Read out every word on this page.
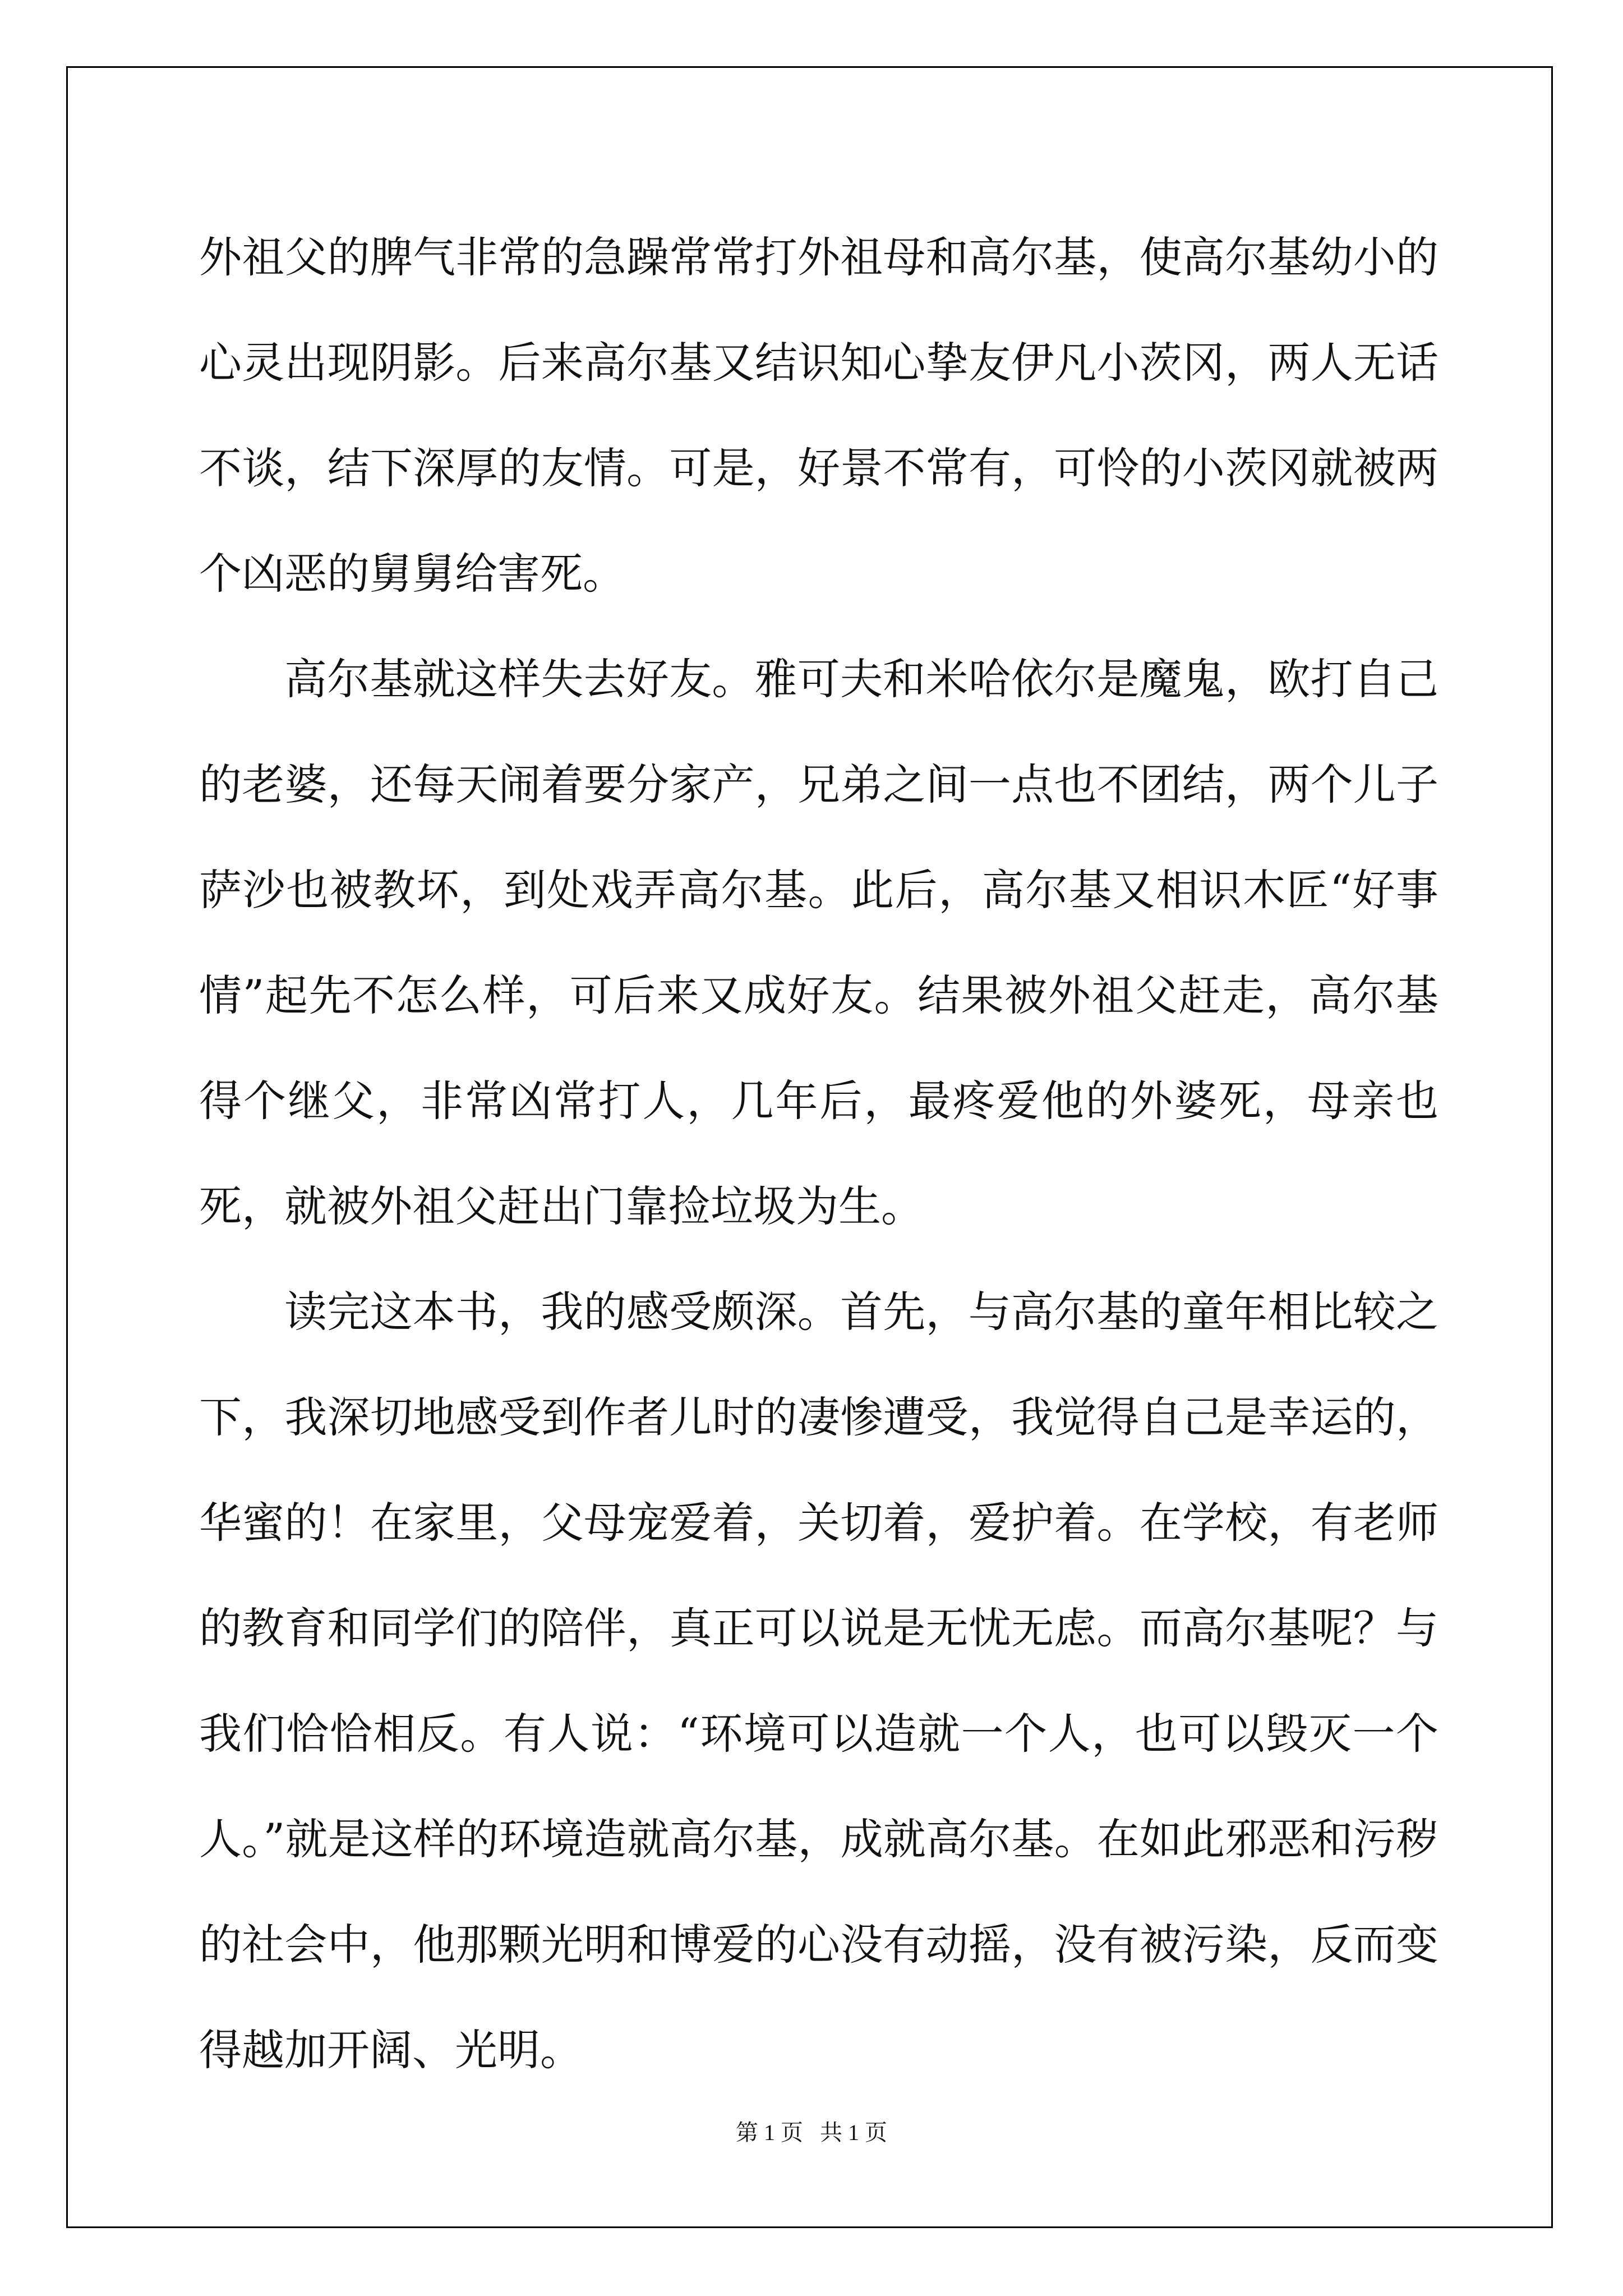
外祖父的脾气非常的急躁常常打外祖母和高尔基，使高尔基幼小的心灵出现阴影。后来高尔基又结识知心挚友伊凡小茨冈，两人无话不谈，结下深厚的友情。可是，好景不常有，可怜的小茨冈就被两个凶恶的舅舅给害死。

高尔基就这样失去好友。雅可夫和米哈依尔是魔鬼，欧打自己的老婆，还每天闹着要分家产，兄弟之间一点也不团结，两个儿子萨沙也被教坏，到处戏弄高尔基。此后，高尔基又相识木匠“好事情”起先不怎么样，可后来又成好友。结果被外祖父赶走，高尔基得个继父，非常凶常打人，几年后，最疼爱他的外婆死，母亲也死，就被外祖父赶出门靠捡垃圾为生。

读完这本书，我的感受颇深。首先，与高尔基的童年相比较之下，我深切地感受到作者儿时的凄惨遭受，我觉得自己是幸运的，华蜜的！在家里，父母宠爱着，关切着，爱护着。在学校，有老师的教育和同学们的陪伴，真正可以说是无忧无虑。而高尔基呢？与我们恰恰相反。有人说：“环境可以造就一个人，也可以毁灭一个人。”就是这样的环境造就高尔基，成就高尔基。在如此邪恶和污秽的社会中，他那颗光明和博爱的心没有动摇，没有被污染，反而变得越加开阔、光明。

第 1 页   共 1 页
